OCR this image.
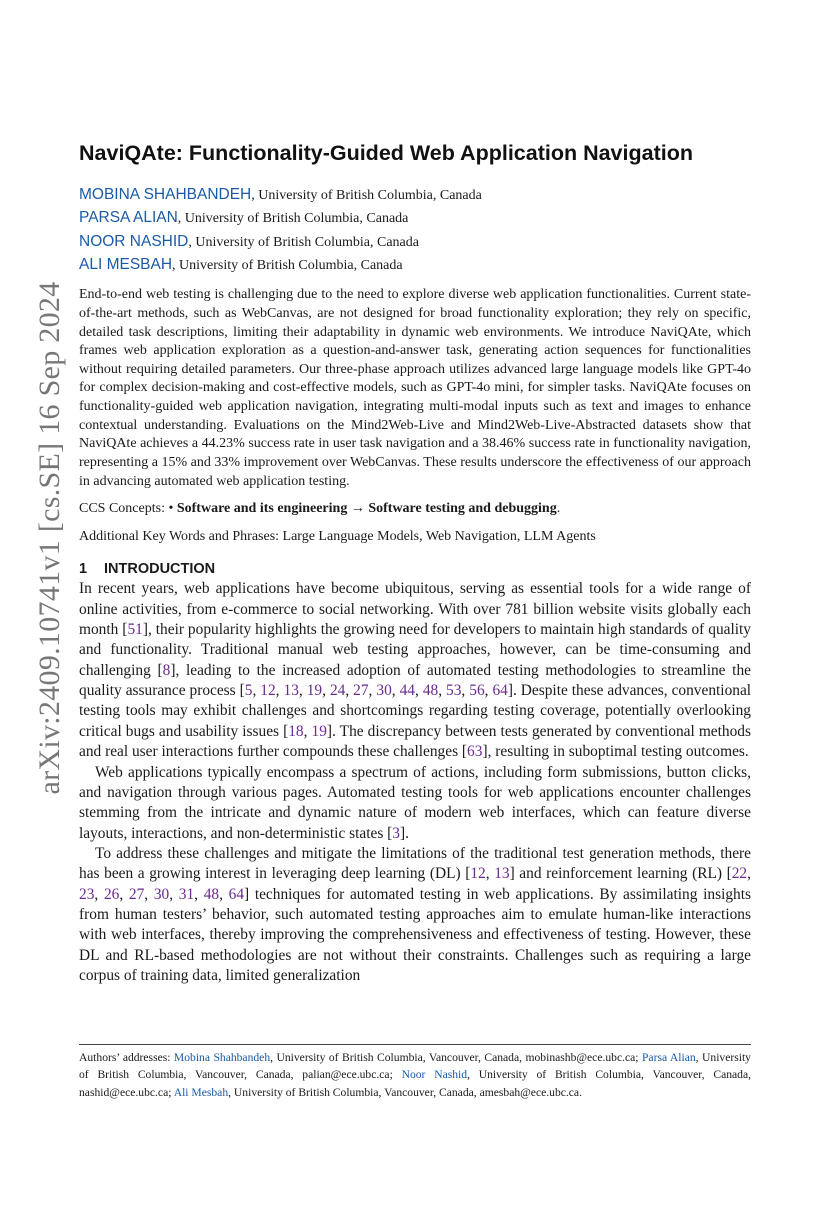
arXiv:2409.10741v1 [cs.SE] 16 Sep 2024
NaviQAte: Functionality-Guided Web Application Navigation
MOBINA SHAHBANDEH, University of British Columbia, Canada
PARSA ALIAN, University of British Columbia, Canada
NOOR NASHID, University of British Columbia, Canada
ALI MESBAH, University of British Columbia, Canada

End-to-end web testing is challenging due to the need to explore diverse web application functionalities. Current state-of-the-art methods, such as WebCanvas, are not designed for broad functionality exploration; they rely on specific, detailed task descriptions, limiting their adaptability in dynamic web environments. We introduce NaviQAte, which frames web application exploration as a question-and-answer task, generating action sequences for functionalities without requiring detailed parameters. Our three-phase approach utilizes advanced large language models like GPT-4o for complex decision-making and cost-effective models, such as GPT-4o mini, for simpler tasks. NaviQAte focuses on functionality-guided web application navigation, integrating multi-modal inputs such as text and images to enhance contextual understanding. Evaluations on the Mind2Web-Live and Mind2Web-Live-Abstracted datasets show that NaviQAte achieves a 44.23% success rate in user task navigation and a 38.46% success rate in functionality navigation, representing a 15% and 33% improvement over WebCanvas. These results underscore the effectiveness of our approach in advancing automated web application testing.

CCS Concepts: • Software and its engineering → Software testing and debugging.

Additional Key Words and Phrases: Large Language Models, Web Navigation, LLM Agents

1 INTRODUCTION

In recent years, web applications have become ubiquitous, serving as essential tools for a wide range of online activities, from e-commerce to social networking. With over 781 billion website visits globally each month [51], their popularity highlights the growing need for developers to maintain high standards of quality and functionality. Traditional manual web testing approaches, however, can be time-consuming and challenging [8], leading to the increased adoption of automated testing methodologies to streamline the quality assurance process [5, 12, 13, 19, 24, 27, 30, 44, 48, 53, 56, 64]. Despite these advances, conventional testing tools may exhibit challenges and shortcomings regarding testing coverage, potentially overlooking critical bugs and usability issues [18, 19]. The discrepancy between tests generated by conventional methods and real user interactions further compounds these challenges [63], resulting in suboptimal testing outcomes.

Web applications typically encompass a spectrum of actions, including form submissions, button clicks, and navigation through various pages. Automated testing tools for web applications encounter challenges stemming from the intricate and dynamic nature of modern web interfaces, which can feature diverse layouts, interactions, and non-deterministic states [3].

To address these challenges and mitigate the limitations of the traditional test generation methods, there has been a growing interest in leveraging deep learning (DL) [12, 13] and reinforcement learning (RL) [22, 23, 26, 27, 30, 31, 48, 64] techniques for automated testing in web applications. By assimilating insights from human testers’ behavior, such automated testing approaches aim to emulate human-like interactions with web interfaces, thereby improving the comprehensiveness and effectiveness of testing. However, these DL and RL-based methodologies are not without their constraints. Challenges such as requiring a large corpus of training data, limited generalization

Authors’ addresses: Mobina Shahbandeh, University of British Columbia, Vancouver, Canada, mobinashb@ece.ubc.ca; Parsa Alian, University of British Columbia, Vancouver, Canada, palian@ece.ubc.ca; Noor Nashid, University of British Columbia, Vancouver, Canada, nashid@ece.ubc.ca; Ali Mesbah, University of British Columbia, Vancouver, Canada, amesbah@ece.ubc.ca.
